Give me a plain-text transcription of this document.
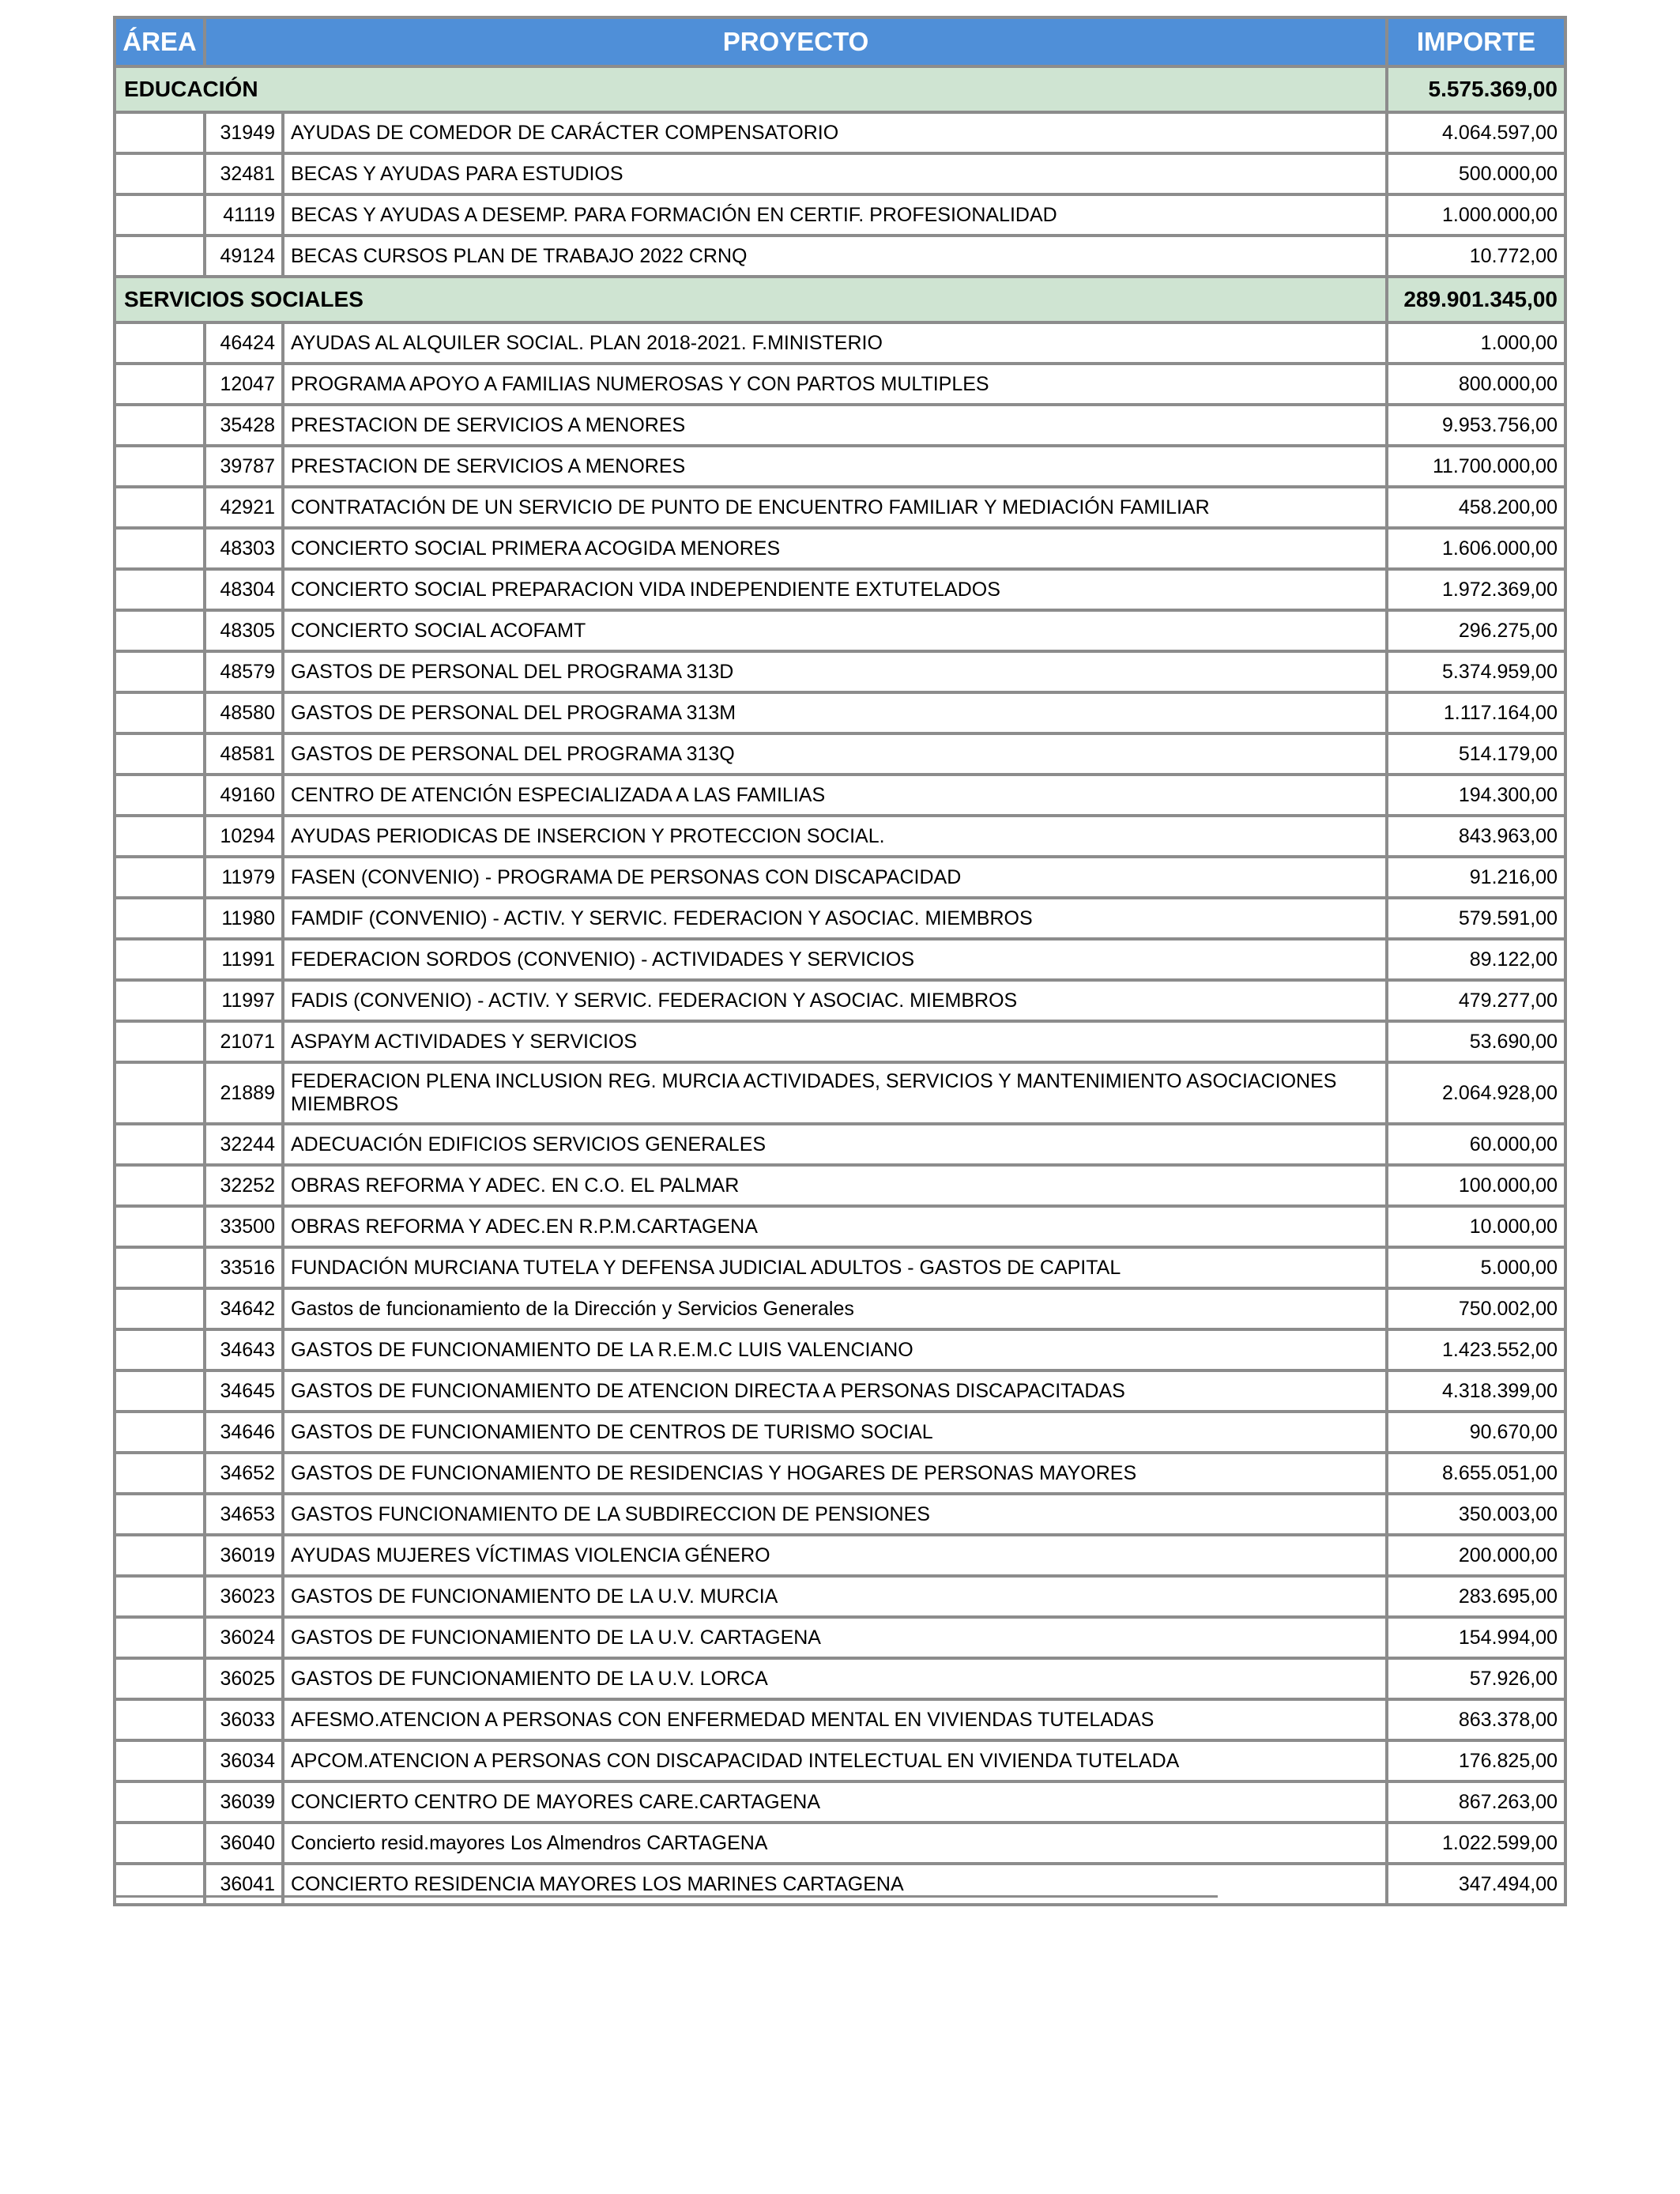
ÁREA	PROYECTO		IMPORTE
EDUCACIÓN			5.575.369,00
	31949	AYUDAS DE COMEDOR DE CARÁCTER COMPENSATORIO	4.064.597,00
	32481	BECAS Y AYUDAS PARA ESTUDIOS	500.000,00
	41119	BECAS Y AYUDAS A DESEMP. PARA FORMACIÓN EN CERTIF. PROFESIONALIDAD	1.000.000,00
	49124	BECAS CURSOS PLAN DE TRABAJO 2022 CRNQ	10.772,00
SERVICIOS SOCIALES			289.901.345,00
	46424	AYUDAS AL ALQUILER SOCIAL. PLAN 2018-2021. F.MINISTERIO	1.000,00
	12047	PROGRAMA APOYO A FAMILIAS NUMEROSAS Y CON PARTOS MULTIPLES	800.000,00
	35428	PRESTACION DE SERVICIOS A MENORES	9.953.756,00
	39787	PRESTACION DE SERVICIOS A MENORES	11.700.000,00
	42921	CONTRATACIÓN DE UN SERVICIO DE PUNTO DE ENCUENTRO FAMILIAR Y MEDIACIÓN FAMILIAR	458.200,00
	48303	CONCIERTO SOCIAL PRIMERA ACOGIDA MENORES	1.606.000,00
	48304	CONCIERTO SOCIAL PREPARACION VIDA INDEPENDIENTE EXTUTELADOS	1.972.369,00
	48305	CONCIERTO SOCIAL ACOFAMT	296.275,00
	48579	GASTOS DE PERSONAL DEL PROGRAMA 313D	5.374.959,00
	48580	GASTOS DE PERSONAL DEL PROGRAMA 313M	1.117.164,00
	48581	GASTOS DE PERSONAL DEL PROGRAMA 313Q	514.179,00
	49160	CENTRO DE ATENCIÓN ESPECIALIZADA A LAS FAMILIAS	194.300,00
	10294	AYUDAS PERIODICAS DE INSERCION Y PROTECCION SOCIAL.	843.963,00
	11979	FASEN (CONVENIO) - PROGRAMA DE PERSONAS CON DISCAPACIDAD	91.216,00
	11980	FAMDIF (CONVENIO) - ACTIV. Y SERVIC. FEDERACION Y ASOCIAC. MIEMBROS	579.591,00
	11991	FEDERACION SORDOS (CONVENIO) - ACTIVIDADES Y SERVICIOS	89.122,00
	11997	FADIS (CONVENIO) - ACTIV. Y SERVIC. FEDERACION Y ASOCIAC. MIEMBROS	479.277,00
	21071	ASPAYM ACTIVIDADES Y SERVICIOS	53.690,00
	21889	FEDERACION PLENA INCLUSION REG. MURCIA ACTIVIDADES, SERVICIOS Y MANTENIMIENTO ASOCIACIONES MIEMBROS	2.064.928,00
	32244	ADECUACIÓN EDIFICIOS SERVICIOS GENERALES	60.000,00
	32252	OBRAS REFORMA Y ADEC. EN C.O. EL PALMAR	100.000,00
	33500	OBRAS REFORMA Y ADEC.EN R.P.M.CARTAGENA	10.000,00
	33516	FUNDACIÓN MURCIANA TUTELA Y DEFENSA JUDICIAL ADULTOS - GASTOS DE CAPITAL	5.000,00
	34642	Gastos de funcionamiento de la Dirección y Servicios Generales	750.002,00
	34643	GASTOS DE FUNCIONAMIENTO DE LA R.E.M.C LUIS VALENCIANO	1.423.552,00
	34645	GASTOS DE FUNCIONAMIENTO DE ATENCION DIRECTA A PERSONAS DISCAPACITADAS	4.318.399,00
	34646	GASTOS DE FUNCIONAMIENTO DE CENTROS DE TURISMO SOCIAL	90.670,00
	34652	GASTOS DE FUNCIONAMIENTO DE RESIDENCIAS Y HOGARES DE PERSONAS MAYORES	8.655.051,00
	34653	GASTOS FUNCIONAMIENTO DE LA SUBDIRECCION DE PENSIONES	350.003,00
	36019	AYUDAS MUJERES VÍCTIMAS VIOLENCIA GÉNERO	200.000,00
	36023	GASTOS DE FUNCIONAMIENTO DE LA U.V. MURCIA	283.695,00
	36024	GASTOS DE FUNCIONAMIENTO DE LA U.V. CARTAGENA	154.994,00
	36025	GASTOS DE FUNCIONAMIENTO DE LA U.V. LORCA	57.926,00
	36033	AFESMO.ATENCION A PERSONAS CON ENFERMEDAD MENTAL EN VIVIENDAS TUTELADAS	863.378,00
	36034	APCOM.ATENCION A PERSONAS CON DISCAPACIDAD INTELECTUAL EN VIVIENDA TUTELADA	176.825,00
	36039	CONCIERTO CENTRO DE MAYORES CARE.CARTAGENA	867.263,00
	36040	Concierto resid.mayores Los Almendros CARTAGENA	1.022.599,00
	36041	CONCIERTO RESIDENCIA MAYORES LOS MARINES CARTAGENA	347.494,00
